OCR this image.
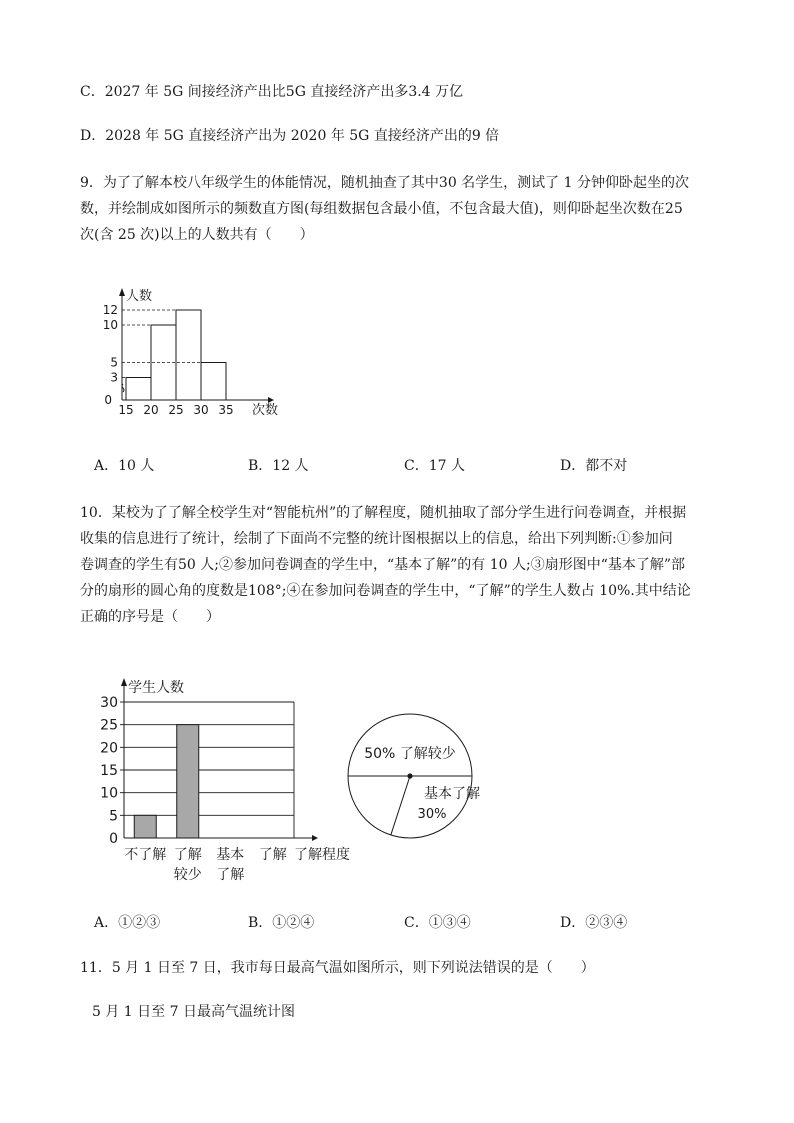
C．2027 年 5G 间接经济产出比5G 直接经济产出多3.4 万亿
D．2028 年 5G 直接经济产出为 2020 年 5G 直接经济产出的9 倍
9．为了了解本校八年级学生的体能情况，随机抽查了其中30 名学生，测试了 1 分钟仰卧起坐的次
数，并绘制成如图所示的频数直方图(每组数据包含最小值，不包含最大值)，则仰卧起坐次数在25
次(含 25 次)以上的人数共有（　　）
人数
次数
0
3
5
10
12
15 20 25 30 35
A．10 人	B．12 人	C．17 人	D．都不对
10．某校为了了解全校学生对“智能杭州”的了解程度，随机抽取了部分学生进行问卷调查，并根据
收集的信息进行了统计，绘制了下面尚不完整的统计图根据以上的信息，给出下列判断:①参加问
卷调查的学生有50 人;②参加问卷调查的学生中，“基本了解”的有 10 人;③扇形图中“基本了解”部
分的扇形的圆心角的度数是108°;④在参加问卷调查的学生中，“了解”的学生人数占 10%.其中结论
正确的序号是（　　）
学生人数
了解程度
0
5
10
15
20
25
30
不了解 了解
较少
基本
了解
了解
50% 了解较少
基本了解
30%
A．①②③	B．①②④	C．①③④	D．②③④
11．5 月 1 日至 7 日，我市每日最高气温如图所示，则下列说法错误的是（　　）
5 月 1 日至 7 日最高气温统计图
